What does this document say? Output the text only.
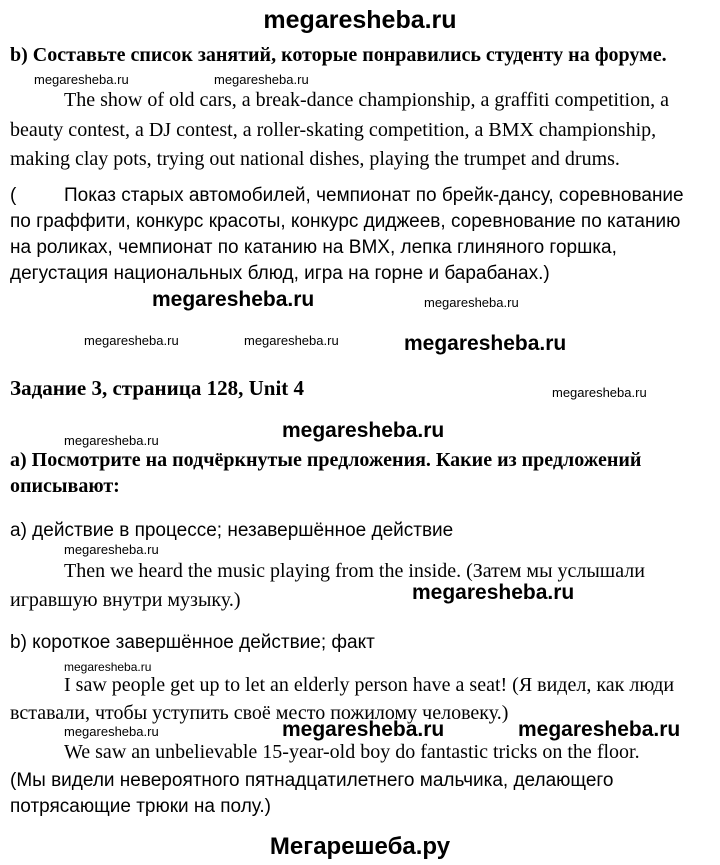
megaresheba.ru
b) Составьте список занятий, которые понравились студенту на форуме.
megaresheba.ru	megaresheba.ru
The show of old cars, a break-dance championship, a graffiti competition, a
beauty contest, a DJ contest, a roller-skating competition, a BMX championship,
making clay pots, trying out national dishes, playing the trumpet and drums.
(	Показ старых автомобилей, чемпионат по брейк-дансу, соревнование
по граффити, конкурс красоты, конкурс диджеев, соревнование по катанию
на роликах, чемпионат по катанию на BMX, лепка глиняного горшка,
дегустация национальных блюд, игра на горне и барабанах.)
megaresheba.ru	megaresheba.ru
megaresheba.ru	megaresheba.ru	megaresheba.ru
Задание 3, страница 128, Unit 4	megaresheba.ru
megaresheba.ru
megaresheba.ru
a) Посмотрите на подчёркнутые предложения. Какие из предложений
описывают:
а) действие в процессе; незавершённое действие
megaresheba.ru
Then we heard the music playing from the inside. (Затем мы услышали
игравшую внутри музыку.)	megaresheba.ru
b) короткое завершённое действие; факт
megaresheba.ru
I saw people get up to let an elderly person have a seat! (Я видел, как люди
вставали, чтобы уступить своё место пожилому человеку.)
megaresheba.ru	megaresheba.ru	megaresheba.ru
We saw an unbelievable 15-year-old boy do fantastic tricks on the floor.
(Мы видели невероятного пятнадцатилетнего мальчика, делающего
потрясающие трюки на полу.)
Мегарешеба.ру
